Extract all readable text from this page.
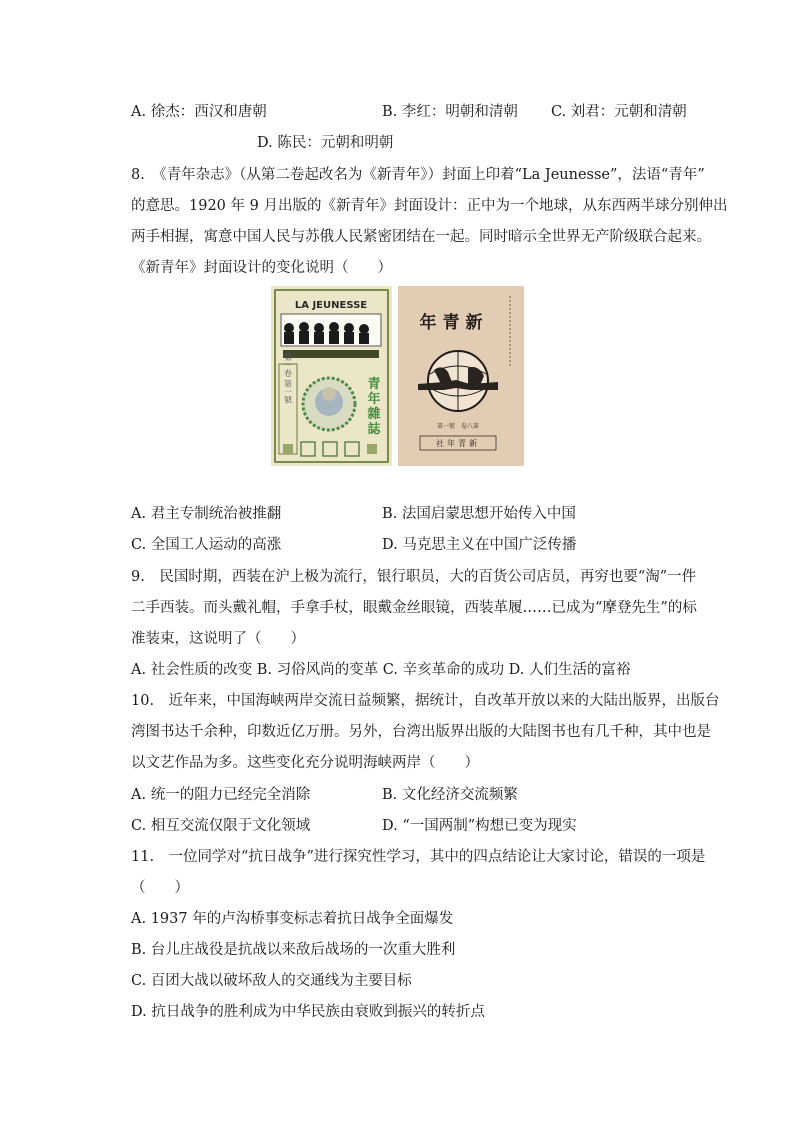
A. 徐杰：西汉和唐朝	B. 李红：明朝和清朝 C. 刘君：元朝和清朝
D. 陈民：元朝和明朝
8.　《青年杂志》（从第二卷起改名为《新青年》）封面上印着“La Jeunesse”，法语“青年”
的意思。1920 年 9 月出版的《新青年》封面设计：正中为一个地球，从东西两半球分别伸出
两手相握，寓意中国人民与苏俄人民紧密团结在一起。同时暗示全世界无产阶级联合起来。
《新青年》封面设计的变化说明（　　）
LA JEUNESSE
第一卷 第一號	青
年
雜
誌
年青新
第一號　卷八第
社年青新
A. 君主专制统治被推翻	B. 法国启蒙思想开始传入中国
C. 全国工人运动的高涨	D. 马克思主义在中国广泛传播
9.　民国时期，西装在沪上极为流行，银行职员，大的百货公司店员，再穷也要“淘”一件
二手西装。而头戴礼帽，手拿手杖，眼戴金丝眼镜，西装革履……已成为“摩登先生”的标
准装束，这说明了（　　）
A. 社会性质的改变 B. 习俗风尚的变革 C. 辛亥革命的成功 D. 人们生活的富裕
10.　近年来，中国海峡两岸交流日益频繁，据统计，自改革开放以来的大陆出版界，出版台
湾图书达千余种，印数近亿万册。另外，台湾出版界出版的大陆图书也有几千种，其中也是
以文艺作品为多。这些变化充分说明海峡两岸（　　）
A. 统一的阻力已经完全消除	B. 文化经济交流频繁
C. 相互交流仅限于文化领域	D. “一国两制”构想已变为现实
11.　一位同学对“抗日战争”进行探究性学习，其中的四点结论让大家讨论，错误的一项是
（　　）
A. 1937 年的卢沟桥事变标志着抗日战争全面爆发
B. 台儿庄战役是抗战以来敌后战场的一次重大胜利
C. 百团大战以破坏敌人的交通线为主要目标
D. 抗日战争的胜利成为中华民族由衰败到振兴的转折点
